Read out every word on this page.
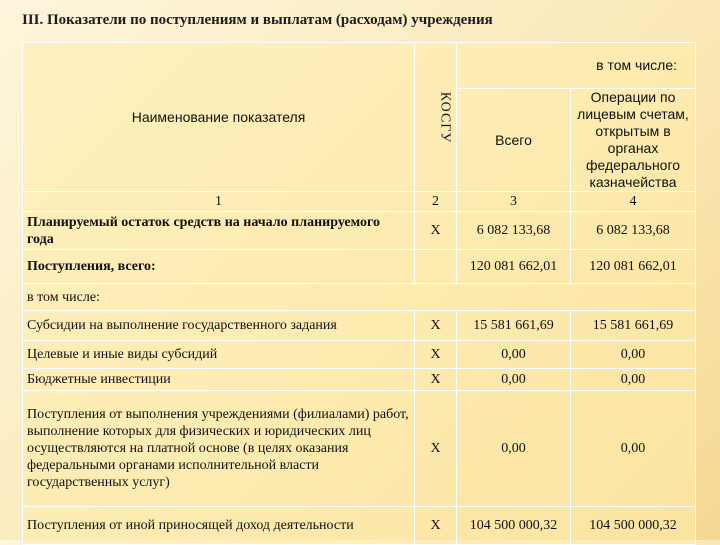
III. Показатели по поступлениям и выплатам (расходам) учреждения
Наименование показателя	КОСГУ	в том числе:	
		Всего	Операции по лицевым счетам, открытым в органах федерального казначейства
1	2	3	4
Планируемый остаток средств на начало планируемого года	Х	6 082 133,68	6 082 133,68
Поступления, всего:		120 081 662,01	120 081 662,01
в том числе:			
Субсидии на выполнение государственного задания	Х	15 581 661,69	15 581 661,69
Целевые и иные виды субсидий	Х	0,00	0,00
Бюджетные инвестиции	Х	0,00	0,00
Поступления от выполнения учреждениями (филиалами) работ, выполнение которых для физических и юридических лиц осуществляются на платной основе (в целях оказания федеральными органами исполнительной власти государственных услуг)	Х	0,00	0,00
Поступления от иной приносящей доход деятельности	Х	104 500 000,32	104 500 000,32
